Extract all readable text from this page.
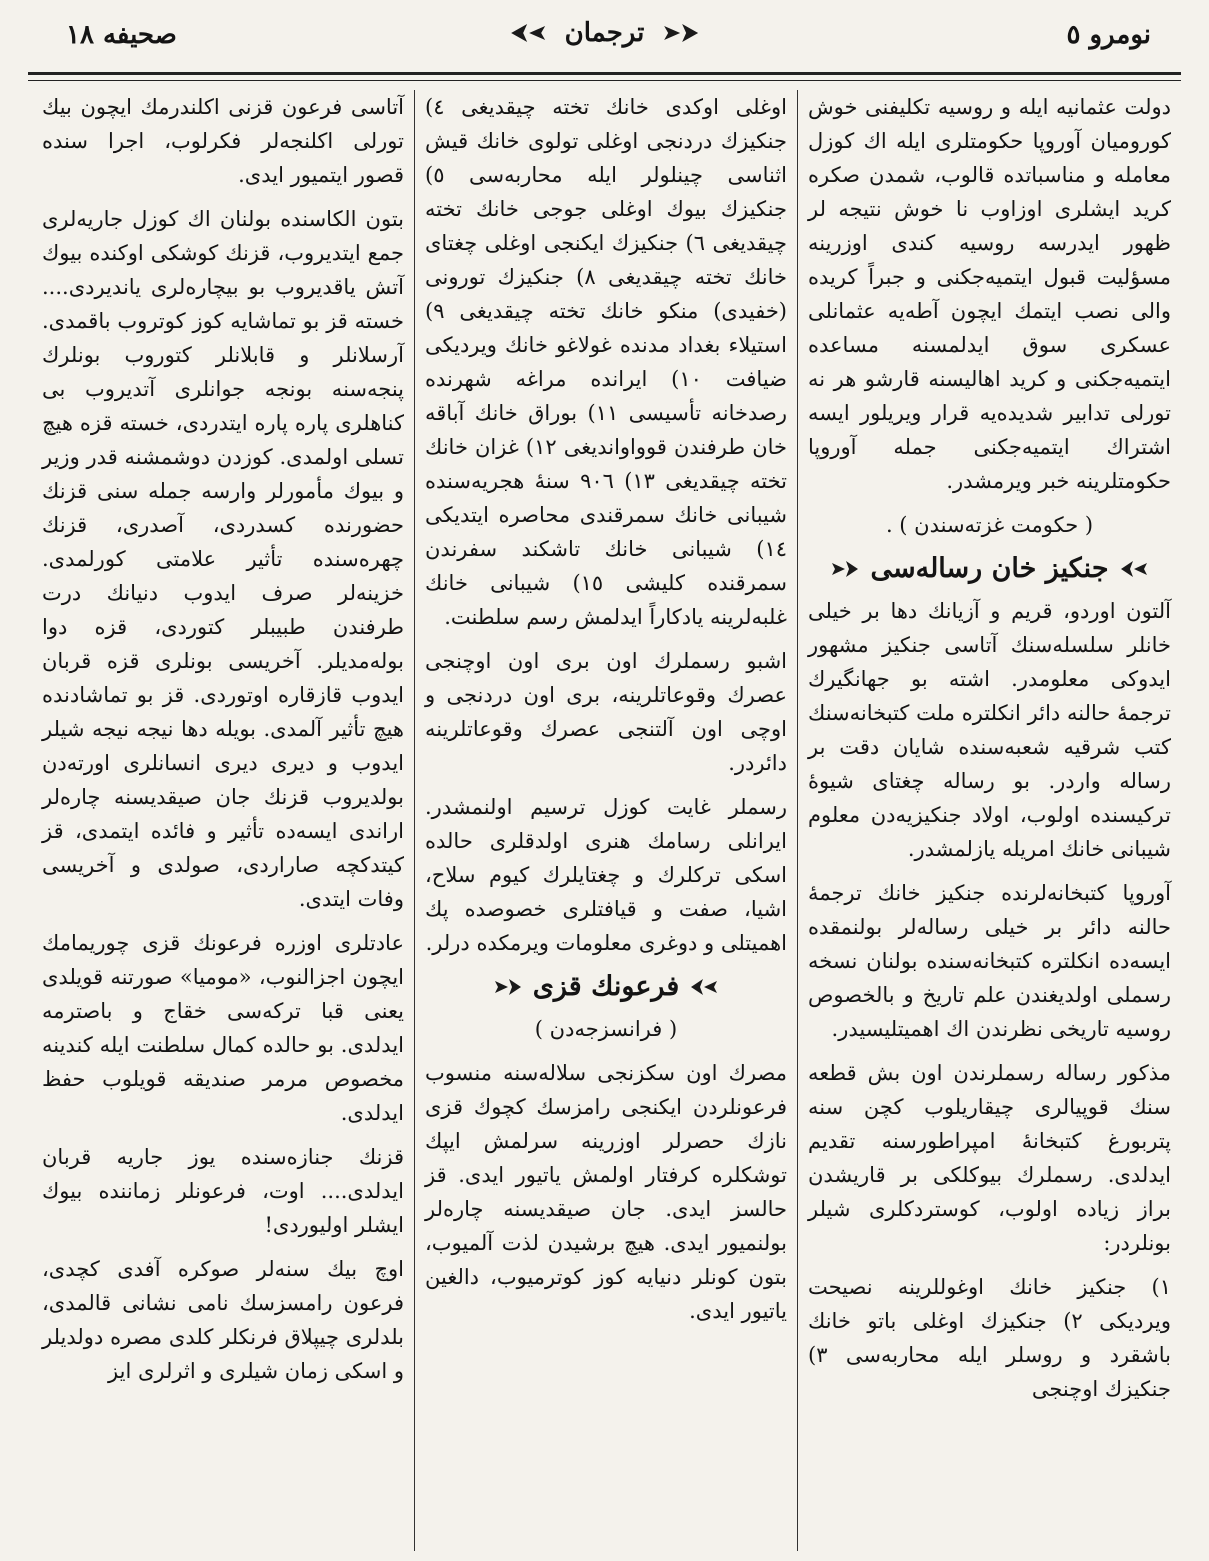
صحيفه ١٨	ترجمان	نومرو ٥

دولت عثمانيه ايله و روسيه تكليفنی خوش كوروميان آوروپا حكومتلری ايله اك كوزل معامله و مناسباتده قالوب، شمدن صكره كريد ايشلری اوزاوب نا خوش نتيجه لر ظهور ايدرسه روسيه كندی اوزرينه مسؤليت قبول ايتميه‌جكنی و جبراً كريده والی نصب ايتمك ايچون آطه‌يه عثمانلی عسكری سوق ايدلمسنه مساعده ايتميه‌جكنی و كريد اهاليسنه قارشو هر نه تورلی تدابير شديده‌يه قرار ويريلور ايسه اشتراك ايتميه‌جكنی جمله آوروپا حكومتلرينه خبر ويرمشدر.

( حكومت غزته‌سندن ) .

جنكيز خان رساله‌سی

آلتون اوردو، قريم و آزيانك دها بر خيلی خانلر سلسله‌سنك آتاسی جنكيز مشهور ايدوكی معلومدر. اشته بو جهانگيرك ترجمهٔ حالنه دائر انكلتره ملت كتبخانه‌سنك كتب شرقيه شعبه‌سنده شايان دقت بر رساله واردر. بو رساله چغتای شيوهٔ تركيسنده اولوب، اولاد جنكيزيه‌دن معلوم شيبانی خانك امريله يازلمشدر.

آوروپا كتبخانه‌لرنده جنكيز خانك ترجمهٔ حالنه دائر بر خيلی رساله‌لر بولنمقده ايسه‌ده انكلتره كتبخانه‌سنده بولنان نسخه رسملی اولديغندن علم تاريخ و بالخصوص روسيه تاريخی نظرندن اك اهميتليسيدر.

مذكور رساله رسملرندن اون بش قطعه سنك قوپيالری چيقاريلوب كچن سنه پتربورغ كتبخانهٔ امپراطورسنه تقديم ايدلدی. رسملرك بيوكلكی بر قاريشدن براز زياده اولوب، كوستردكلری شيلر بونلردر:

١) جنكيز خانك اوغوللرينه نصيحت ويرديكی ٢) جنكيزك اوغلی باتو خانك باشقرد و روسلر ايله محاربه‌سی ٣) جنكيزك اوچنجی

اوغلی اوكدی خانك تخته چيقديغی ٤) جنكيزك دردنجی اوغلی تولوی خانك قيش اثناسی چينلولر ايله محاربه‌سی ٥) جنكيزك بيوك اوغلی جوجی خانك تخته چيقديغی ٦) جنكيزك ايكنجی اوغلی چغتای خانك تخته چيقديغی ٨) جنكيزك تورونی (خفيدی) منكو خانك تخته چيقديغی ٩) استيلاء بغداد مدنده غولاغو خانك ويرديكی ضيافت ١٠) ايرانده مراغه شهرنده رصدخانه تأسيسی ١١) بوراق خانك آباقه خان طرفندن قوواوانديغی ١٢) غزان خانك تخته چيقديغی ١٣) ٩٠٦ سنهٔ هجريه‌سنده شيبانی خانك سمرقندی محاصره ايتديكی ١٤) شيبانی خانك تاشكند سفرندن سمرقنده كليشی ١٥) شيبانی خانك غلبه‌لرينه يادكاراً ايدلمش رسم سلطنت.

اشبو رسملرك اون بری اون اوچنجی عصرك وقوعاتلرينه، بری اون دردنجی و اوچی اون آلتنجی عصرك وقوعاتلرينه دائردر.

رسملر غايت كوزل ترسيم اولنمشدر. ايرانلی رسامك هنری اولدقلری حالده اسكی تركلرك و چغتايلرك كيوم سلاح، اشيا، صفت و قيافتلری خصوصده پك اهميتلی و دوغری معلومات ويرمكده درلر.

فرعونك قزی

( فرانسزجه‌دن )

مصرك اون سكزنجی سلاله‌سنه منسوب فرعونلردن ايكنجی رامزسك كچوك قزی نازك حصرلر اوزرينه سرلمش ايپك توشكلره كرفتار اولمش ياتيور ايدی. قز حالسز ايدی. جان صيقديسنه چاره‌لر بولنميور ايدی. هيچ برشيدن لذت آلميوب، بتون كونلر دنيايه كوز كوترميوب، دالغين ياتيور ايدی.

آتاسی فرعون قزنی اكلندرمك ايچون بيك تورلی اكلنجه‌لر فكرلوب، اجرا سنده قصور ايتميور ايدی.

بتون الكاسنده بولنان اك كوزل جاريه‌لری جمع ايتديروب، قزنك كوشكی اوكنده بيوك آتش ياقديروب بو بيچاره‌لری يانديردی.... خسته قز بو تماشايه كوز كوتروب باقمدی. آرسلانلر و قابلانلر كتوروب بونلرك پنجه‌سنه بونجه جوانلری آتديروب بی كناهلری پاره پاره ايتدردی، خسته قزه هيچ تسلی اولمدی. كوزدن دوشمشنه قدر وزير و بيوك مأمورلر وارسه جمله سنی قزنك حضورنده كسدردی، آصدری، قزنك چهره‌سنده تأثير علامتی كورلمدی. خزينه‌لر صرف ايدوب دنيانك درت طرفندن طبيبلر كتوردی، قزه دوا بوله‌مديلر. آخريسی بونلری قزه قربان ايدوب قازقاره اوتوردی. قز بو تماشادنده هيچ تأثير آلمدی. بويله دها نيجه نيجه شيلر ايدوب و ديری ديری انسانلری اورته‌دن بولديروب قزنك جان صيقديسنه چاره‌لر اراندی ايسه‌ده تأثير و فائده ايتمدی، قز كيتدكچه صاراردی، صولدی و آخريسی وفات ايتدی.

عادتلری اوزره فرعونك قزی چوريمامك ايچون اجزالنوب، «موميا» صورتنه قويلدی يعنی قبا تركه‌سی خقاج و باصترمه ايدلدی. بو حالده كمال سلطنت ايله كندينه مخصوص مرمر صنديقه قويلوب حفظ ايدلدی.

قزنك جنازه‌سنده يوز جاريه قربان ايدلدی.... اوت، فرعونلر زماننده بيوك ايشلر اوليوردی!

اوچ بيك سنه‌لر صوكره آفدی كچدی، فرعون رامسزسك نامی نشانی قالمدی، بلدلری چيپلاق فرنكلر كلدی مصره دولديلر و اسكی زمان شيلری و اثرلری ايز
